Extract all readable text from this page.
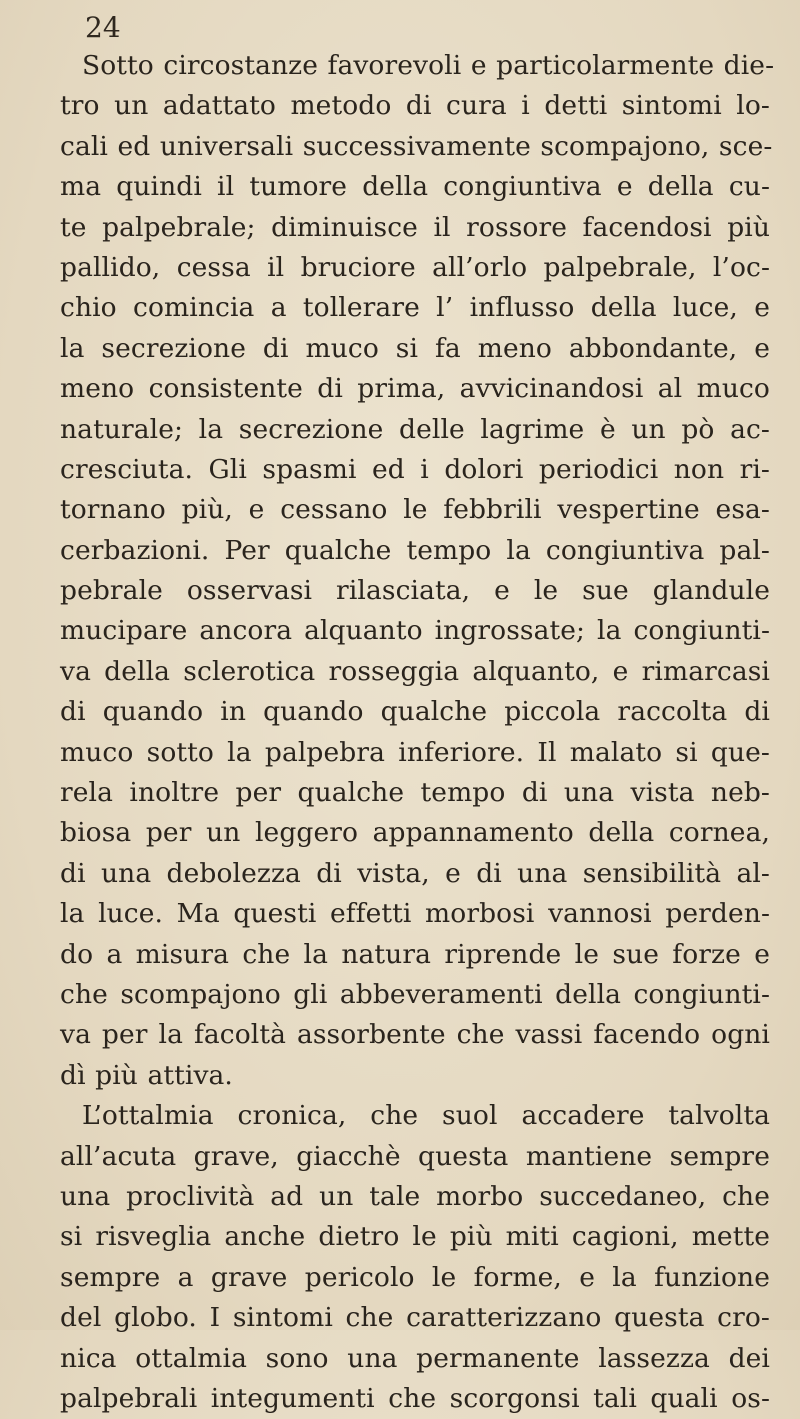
24
Sotto circostanze favorevoli e particolarmente die-
tro un adattato metodo di cura i detti sintomi lo-
cali ed universali successivamente scompajono, sce-
ma quindi il tumore della congiuntiva e della cu-
te palpebrale; diminuisce il rossore facendosi più
pallido, cessa il bruciore all’orlo palpebrale, l’oc-
chio comincia a tollerare l’ influsso della luce, e
la secrezione di muco si fa meno abbondante, e
meno consistente di prima, avvicinandosi al muco
naturale; la secrezione delle lagrime è un pò ac-
cresciuta. Gli spasmi ed i dolori periodici non ri-
tornano più, e cessano le febbrili vespertine esa-
cerbazioni. Per qualche tempo la congiuntiva pal-
pebrale osservasi rilasciata, e le sue glandule
mucipare ancora alquanto ingrossate; la congiunti-
va della sclerotica rosseggia alquanto, e rimarcasi
di quando in quando qualche piccola raccolta di
muco sotto la palpebra inferiore. Il malato si que-
rela inoltre per qualche tempo di una vista neb-
biosa per un leggero appannamento della cornea,
di una debolezza di vista, e di una sensibilità al-
la luce. Ma questi effetti morbosi vannosi perden-
do a misura che la natura riprende le sue forze e
che scompajono gli abbeveramenti della congiunti-
va per la facoltà assorbente che vassi facendo ogni
dì più attiva.
L’ottalmia cronica, che suol accadere talvolta
all’acuta grave, giacchè questa mantiene sempre
una proclività ad un tale morbo succedaneo, che
si risveglia anche dietro le più miti cagioni, mette
sempre a grave pericolo le forme, e la funzione
del globo. I sintomi che caratterizzano questa cro-
nica ottalmia sono una permanente lassezza dei
palpebrali integumenti che scorgonsi tali quali os-
